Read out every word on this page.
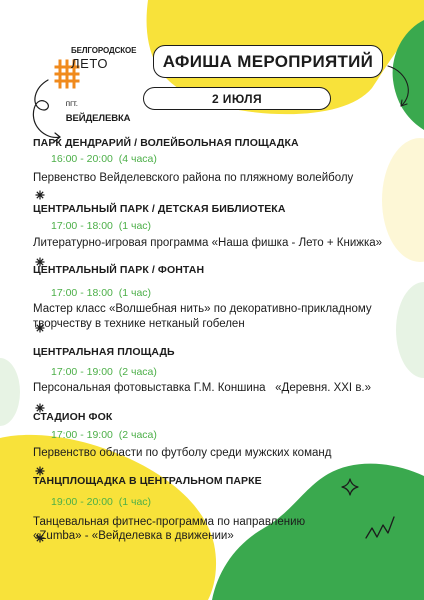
БЕЛГОРОДСКОЕ
ЛЕТО

пгт.
ВЕЙДЕЛЕВКА

АФИША МЕРОПРИЯТИЙ
2 ИЮЛЯ
ПАРК ДЕНДРАРИЙ / ВОЛЕЙБОЛЬНАЯ ПЛОЩАДКА

16:00 - 20:00  (4 часа)
Первенство Вейделевского района по пляжному волейболу
ЦЕНТРАЛЬНЫЙ ПАРК / ДЕТСКАЯ БИБЛИОТЕКА

17:00 - 18:00  (1 час)
Литературно-игровая программа «Наша фишка - Лето + Книжка»
ЦЕНТРАЛЬНЫЙ ПАРК / ФОНТАН

17:00 - 18:00  (1 час)
Мастер класс «Волшебная нить» по декоративно-прикладному
творчеству в технике нетканый гобелен
ЦЕНТРАЛЬНАЯ ПЛОЩАДЬ

17:00 - 19:00  (2 часа)
Персональная фотовыставка Г.М. Коншина   «Деревня. XXI в.»
СТАДИОН ФОК

17:00 - 19:00  (2 часа)
Первенство области по футболу среди мужских команд
ТАНЦПЛОЩАДКА В ЦЕНТРАЛЬНОМ ПАРКЕ

19:00 - 20:00  (1 час)
Танцевальная фитнес-программа по направлению
«Zumba» - «Вейделевка в движении»
